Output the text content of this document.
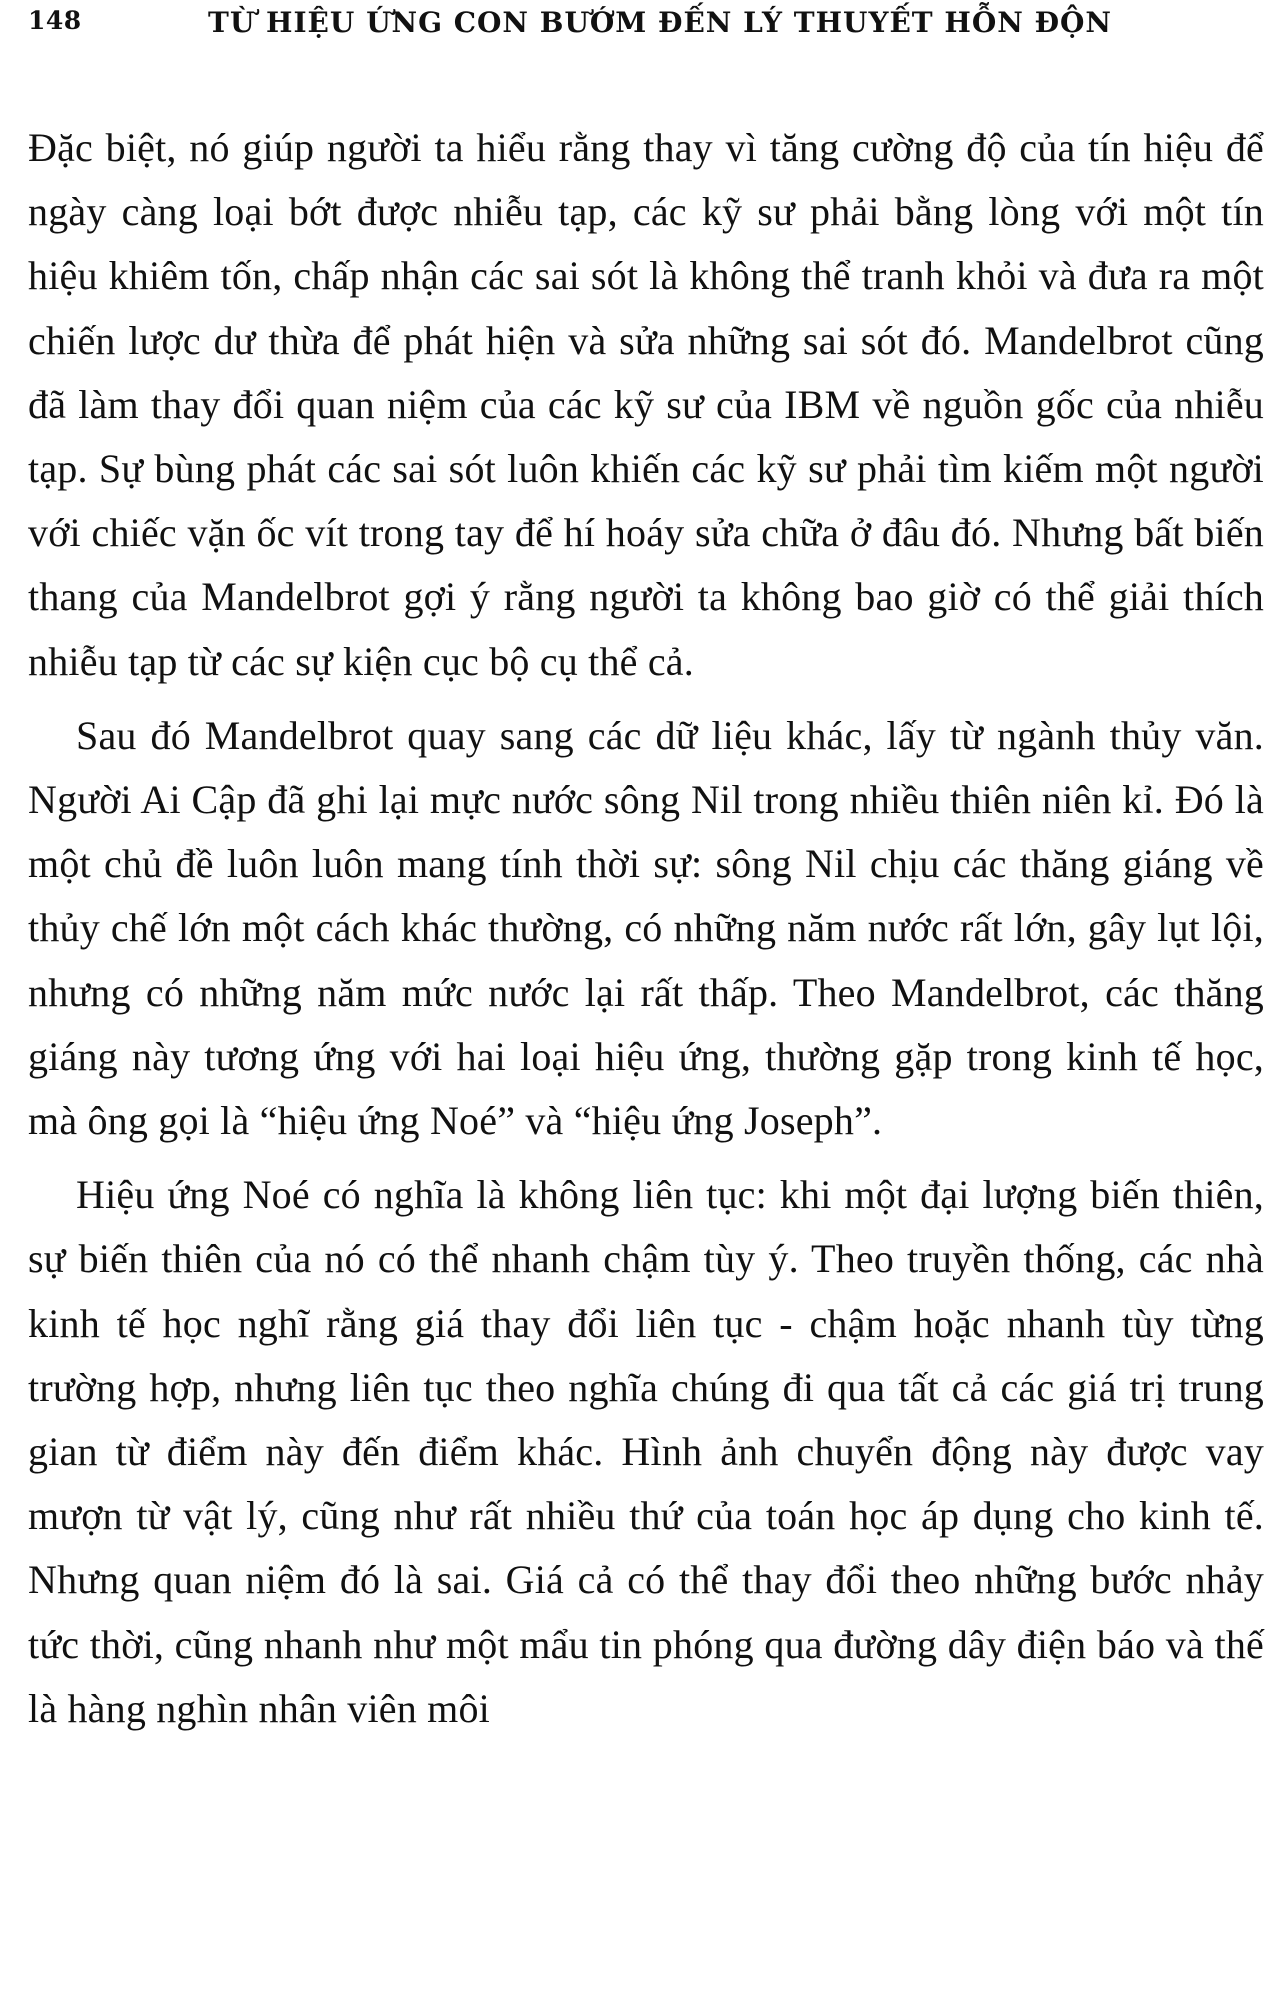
148	TỪ HIỆU ỨNG CON BƯỚM ĐẾN LÝ THUYẾT HỖN ĐỘN

Đặc biệt, nó giúp người ta hiểu rằng thay vì tăng cường độ của tín hiệu để ngày càng loại bớt được nhiễu tạp, các kỹ sư phải bằng lòng với một tín hiệu khiêm tốn, chấp nhận các sai sót là không thể tranh khỏi và đưa ra một chiến lược dư thừa để phát hiện và sửa những sai sót đó. Mandelbrot cũng đã làm thay đổi quan niệm của các kỹ sư của IBM về nguồn gốc của nhiễu tạp. Sự bùng phát các sai sót luôn khiến các kỹ sư phải tìm kiếm một người với chiếc vặn ốc vít trong tay để hí hoáy sửa chữa ở đâu đó. Nhưng bất biến thang của Mandelbrot gợi ý rằng người ta không bao giờ có thể giải thích nhiễu tạp từ các sự kiện cục bộ cụ thể cả.

Sau đó Mandelbrot quay sang các dữ liệu khác, lấy từ ngành thủy văn. Người Ai Cập đã ghi lại mực nước sông Nil trong nhiều thiên niên kỉ. Đó là một chủ đề luôn luôn mang tính thời sự: sông Nil chịu các thăng giáng về thủy chế lớn một cách khác thường, có những năm nước rất lớn, gây lụt lội, nhưng có những năm mức nước lại rất thấp. Theo Mandelbrot, các thăng giáng này tương ứng với hai loại hiệu ứng, thường gặp trong kinh tế học, mà ông gọi là “hiệu ứng Noé” và “hiệu ứng Joseph”.

Hiệu ứng Noé có nghĩa là không liên tục: khi một đại lượng biến thiên, sự biến thiên của nó có thể nhanh chậm tùy ý. Theo truyền thống, các nhà kinh tế học nghĩ rằng giá thay đổi liên tục - chậm hoặc nhanh tùy từng trường hợp, nhưng liên tục theo nghĩa chúng đi qua tất cả các giá trị trung gian từ điểm này đến điểm khác. Hình ảnh chuyển động này được vay mượn từ vật lý, cũng như rất nhiều thứ của toán học áp dụng cho kinh tế. Nhưng quan niệm đó là sai. Giá cả có thể thay đổi theo những bước nhảy tức thời, cũng nhanh như một mẩu tin phóng qua đường dây điện báo và thế là hàng nghìn nhân viên môi
